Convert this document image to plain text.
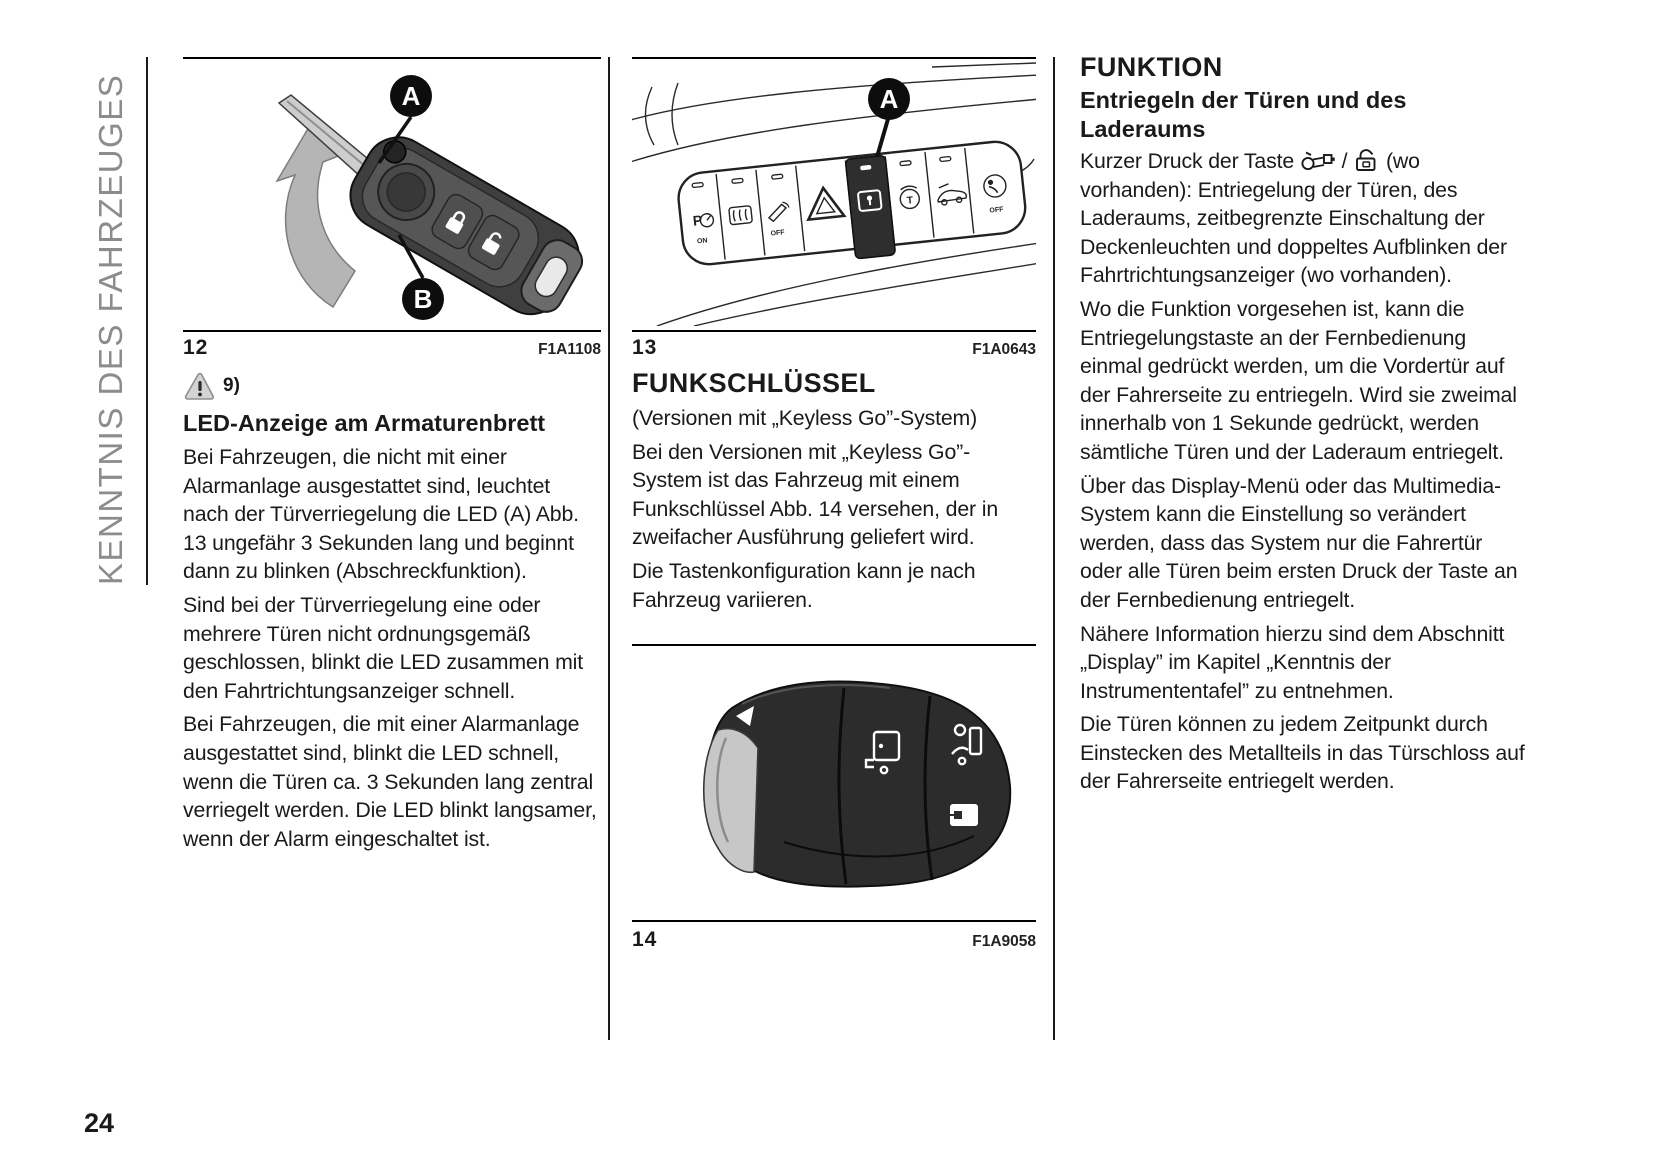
KENNTNIS DES FAHRZEUGES	A
B
12	F1A1108
9)
LED-Anzeige am Armaturenbrett

Bei Fahrzeugen, die nicht mit einer Alarmanlage ausgestattet sind, leuchtet nach der Türverriegelung die LED (A) Abb. 13 ungefähr 3 Sekunden lang und beginnt dann zu blinken (Abschreckfunktion).

Sind bei der Türverriegelung eine oder mehrere Türen nicht ordnungsgemäß geschlossen, blinkt die LED zusammen mit den Fahrtrichtungsanzeiger schnell.

Bei Fahrzeugen, die mit einer Alarmanlage ausgestattet sind, blinkt die LED schnell, wenn die Türen ca. 3 Sekunden lang zentral verriegelt werden. Die LED blinkt langsamer, wenn der Alarm eingeschaltet ist.

P
ON
OFF
T
OFF
A
13	F1A0643
FUNKSCHLÜSSEL

(Versionen mit „Keyless Go”-System)

Bei den Versionen mit „Keyless Go”-System ist das Fahrzeug mit einem Funkschlüssel Abb. 14 versehen, der in zweifacher Ausführung geliefert wird.

Die Tastenkonfiguration kann je nach Fahrzeug variieren.

14	F1A9058
FUNKTION
Entriegeln der Türen und des Laderaums

Kurzer Druck der Taste  /  (wo vorhanden): Entriegelung der Türen, des Laderaums, zeitbegrenzte Einschaltung der Deckenleuchten und doppeltes Aufblinken der Fahrtrichtungsanzeiger (wo vorhanden).

Wo die Funktion vorgesehen ist, kann die Entriegelungstaste an der Fernbedienung einmal gedrückt werden, um die Vordertür auf der Fahrerseite zu entriegeln. Wird sie zweimal innerhalb von 1 Sekunde gedrückt, werden sämtliche Türen und der Laderaum entriegelt.

Über das Display-Menü oder das Multimedia-System kann die Einstellung so verändert werden, dass das System nur die Fahrertür oder alle Türen beim ersten Druck der Taste an der Fernbedienung entriegelt.

Nähere Information hierzu sind dem Abschnitt „Display” im Kapitel „Kenntnis der Instrumententafel” zu entnehmen.

Die Türen können zu jedem Zeitpunkt durch Einstecken des Metallteils in das Türschloss auf der Fahrerseite entriegelt werden.

24
